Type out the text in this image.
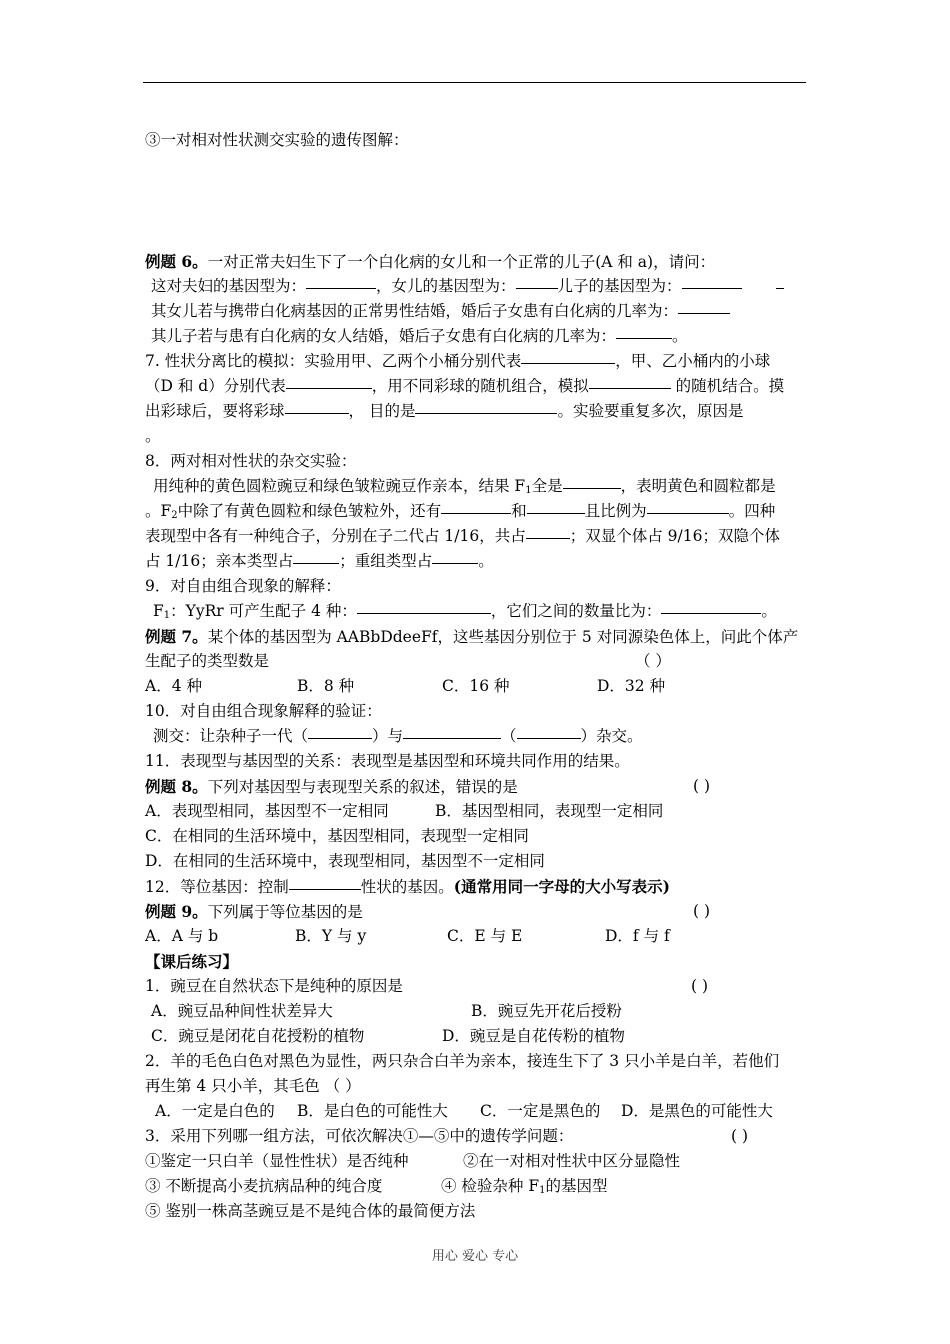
③一对相对性状测交实验的遗传图解：
例题 6。一对正常夫妇生下了一个白化病的女儿和一个正常的儿子(A 和 a)，请问：
这对夫妇的基因型为：	，女儿的基因型为：	儿子的基因型为：
其女儿若与携带白化病基因的正常男性结婚，婚后子女患有白化病的几率为：
其儿子若与患有白化病的女人结婚，婚后子女患有白化病的几率为：	。
7. 性状分离比的模拟：实验用甲、乙两个小桶分别代表	，甲、乙小桶内的小球
（D 和 d）分别代表	，用不同彩球的随机组合，模拟	的随机结合。摸
出彩球后，要将彩球	， 目的是	。实验要重复多次，原因是
。
8．两对相对性状的杂交实验：
用纯种的黄色圆粒豌豆和绿色皱粒豌豆作亲本，结果 $F_1$全是	，表明黄色和圆粒都是
。$F_2$中除了有黄色圆粒和绿色皱粒外，还有	和	且比例为	。四种
表现型中各有一种纯合子，分别在子二代占 1/16，共占	；双显个体占 9/16；双隐个体
占 1/16；亲本类型占	；重组类型占	。
9．对自由组合现象的解释：
$F_1$：YyRr 可产生配子 4 种：	，它们之间的数量比为：	。
例题 7。某个体的基因型为 AABbDdeeFf，这些基因分别位于 5 对同源染色体上，问此个体产
生配子的类型数是	（ ）
A．4 种	B．8 种	C．16 种	D．32 种
10．对自由组合现象解释的验证：
测交：让杂种子一代（	）与	（	）杂交。
11．表现型与基因型的关系：表现型是基因型和环境共同作用的结果。
例题 8。下列对基因型与表现型关系的叙述，错误的是	( )
A．表现型相同，基因型不一定相同	B．基因型相同，表现型一定相同
C．在相同的生活环境中，基因型相同，表现型一定相同
D．在相同的生活环境中，表现型相同，基因型不一定相同
12．等位基因：控制	性状的基因。(通常用同一字母的大小写表示)
例题 9。下列属于等位基因的是	( )
A．A 与 b	B．Y 与 y	C．E 与 E	D．f 与 f
【课后练习】
1．豌豆在自然状态下是纯种的原因是	( )
A．豌豆品种间性状差异大	B．豌豆先开花后授粉
C．豌豆是闭花自花授粉的植物	D．豌豆是自花传粉的植物
2．羊的毛色白色对黑色为显性，两只杂合白羊为亲本，接连生下了 3 只小羊是白羊，若他们
再生第 4 只小羊，其毛色 （ ）
A．一定是白色的 B．是白色的可能性大 C．一定是黑色的 D．是黑色的可能性大
3．采用下列哪一组方法，可依次解决①—⑤中的遗传学问题：	( )
①鉴定一只白羊（显性性状）是否纯种	②在一对相对性状中区分显隐性
③ 不断提高小麦抗病品种的纯合度	④ 检验杂种 $F_1$的基因型
⑤ 鉴别一株高茎豌豆是不是纯合体的最简便方法
用心 爱心 专心
